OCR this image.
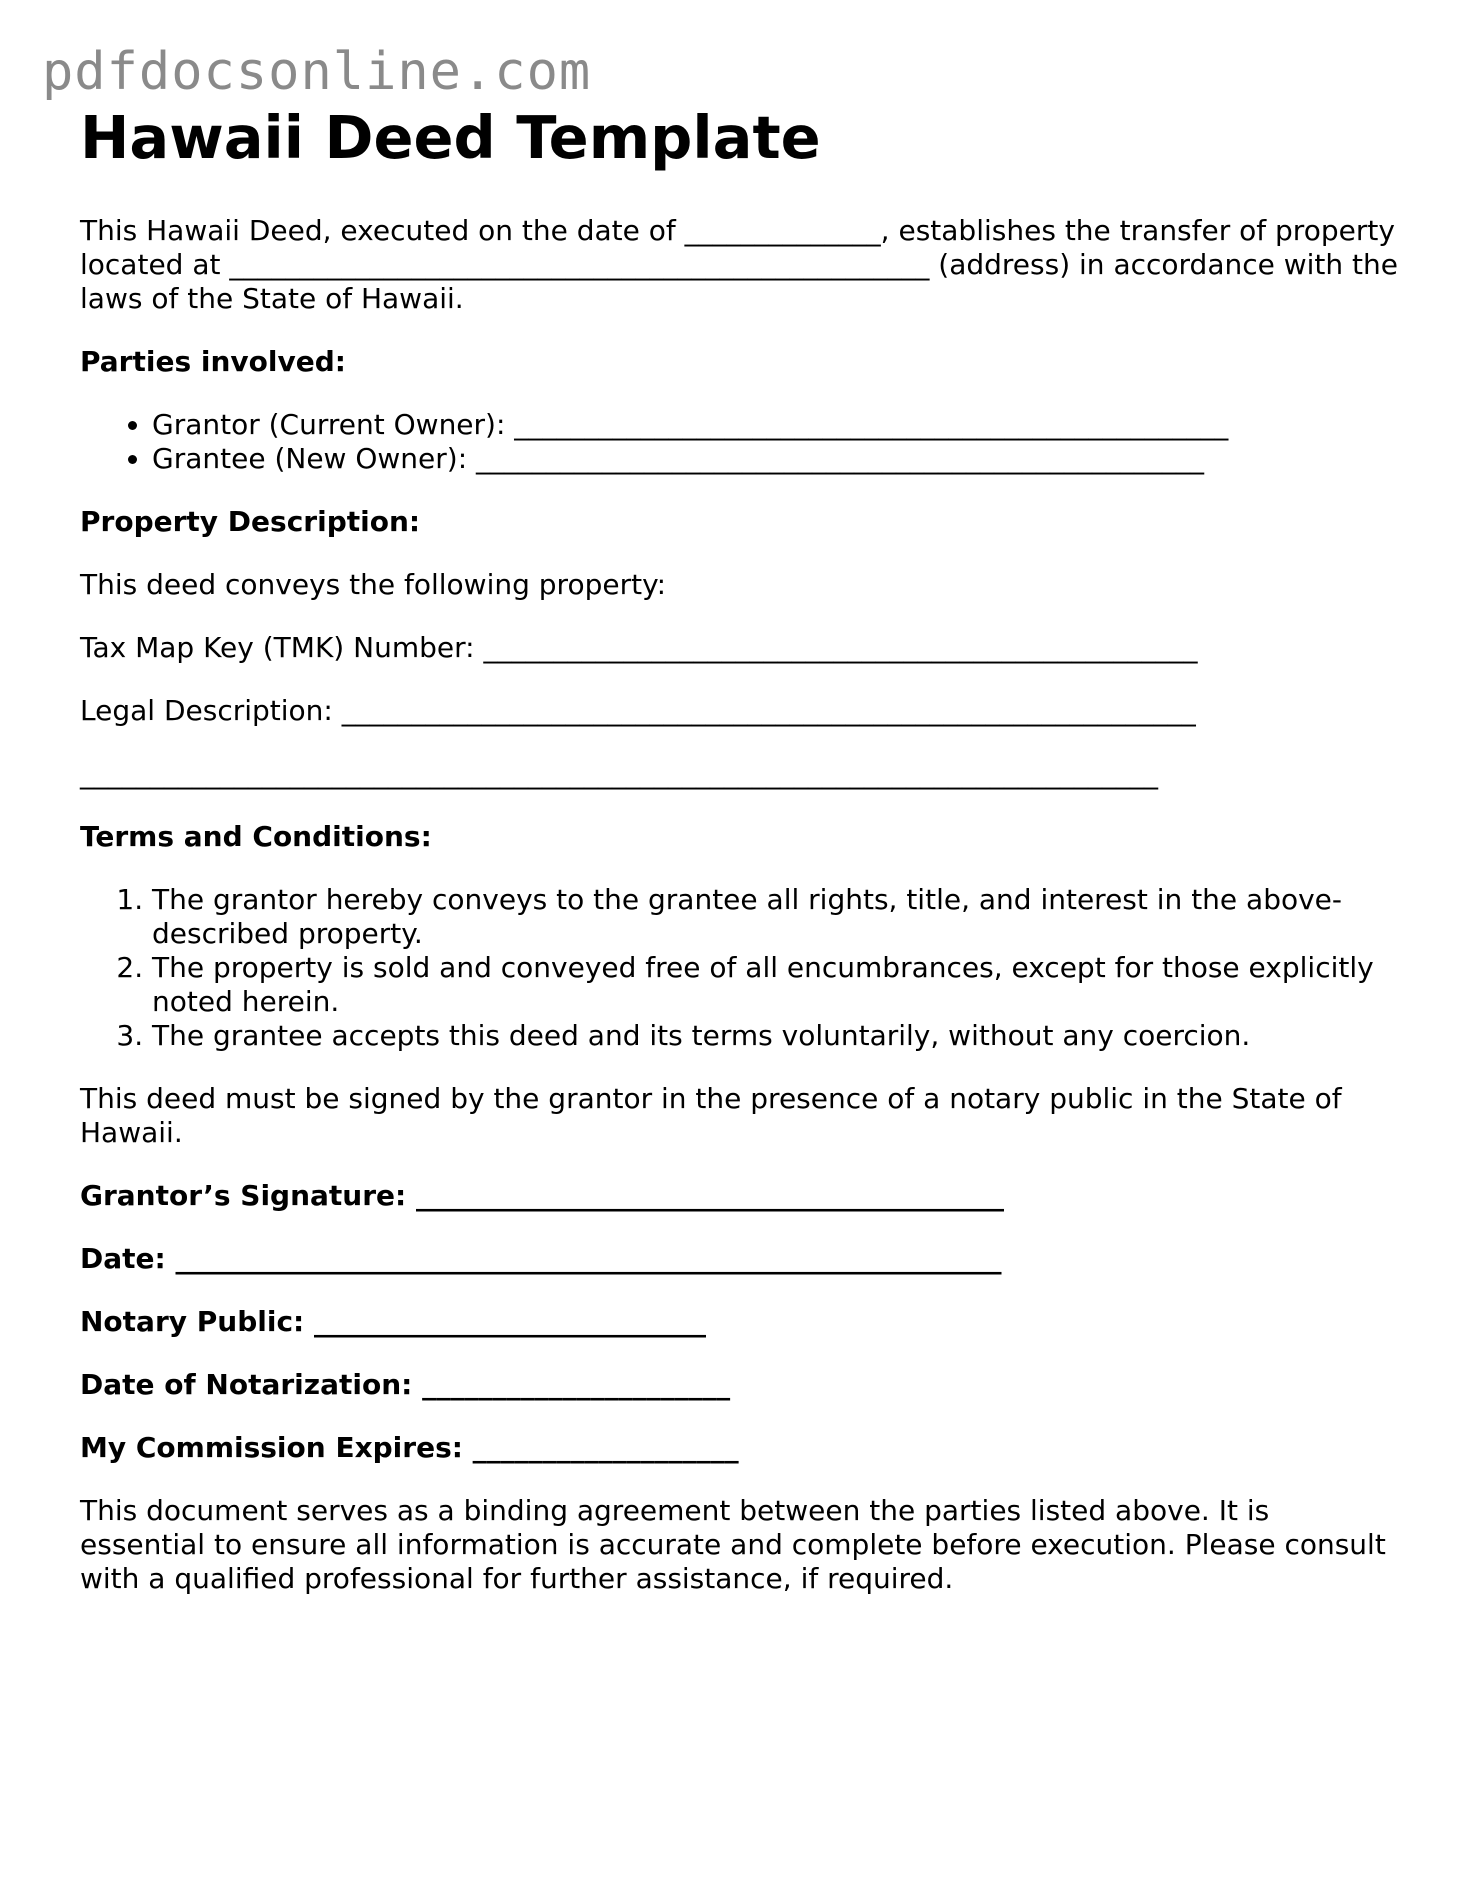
pdfdocsonline.com
Hawaii Deed Template

This Hawaii Deed, executed on the date of ______________, establishes the transfer of property located at __________________________________________________ (address) in accordance with the laws of the State of Hawaii.

Parties involved:

• Grantor (Current Owner): ___________________________________________________
• Grantee (New Owner): ____________________________________________________

Property Description:

This deed conveys the following property:

Tax Map Key (TMK) Number: ___________________________________________________

Legal Description: _____________________________________________________________

_____________________________________________________________________________

Terms and Conditions:

1. The grantor hereby conveys to the grantee all rights, title, and interest in the above-described property.
2. The property is sold and conveyed free of all encumbrances, except for those explicitly noted herein.
3. The grantee accepts this deed and its terms voluntarily, without any coercion.

This deed must be signed by the grantor in the presence of a notary public in the State of Hawaii.

Grantor’s Signature: __________________________________________

Date: ___________________________________________________________

Notary Public: ____________________________

Date of Notarization: ______________________

My Commission Expires: ___________________

This document serves as a binding agreement between the parties listed above. It is essential to ensure all information is accurate and complete before execution. Please consult with a qualified professional for further assistance, if required.
